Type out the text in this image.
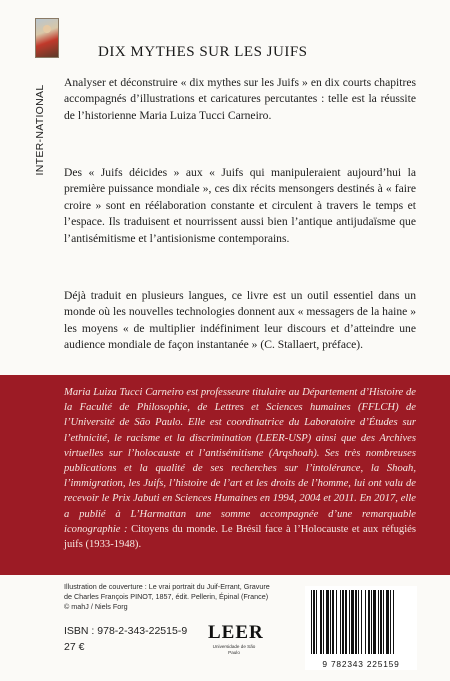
INTER-NATIONAL
DIX MYTHES SUR LES JUIFS
Analyser et déconstruire « dix mythes sur les Juifs » en dix courts chapitres accompagnés d’illustrations et caricatures percutantes : telle est la réussite de l’historienne Maria Luiza Tucci Carneiro.
Des « Juifs déicides » aux « Juifs qui manipuleraient aujourd’hui la première puissance mondiale », ces dix récits mensongers destinés à « faire croire » sont en réélaboration constante et circulent à travers le temps et l’espace. Ils traduisent et nourrissent aussi bien l’antique antijudaïsme que l’antisémitisme et l’antisionisme contemporains.
Déjà traduit en plusieurs langues, ce livre est un outil essentiel dans un monde où les nouvelles technologies donnent aux « messagers de la haine » les moyens « de multiplier indéfiniment leur discours et d’atteindre une audience mondiale de façon instantanée » (C. Stallaert, préface).
Maria Luiza Tucci Carneiro est professeure titulaire au Département d’Histoire de la Faculté de Philosophie, de Lettres et Sciences humaines (FFLCH) de l’Université de São Paulo. Elle est coordinatrice du Laboratoire d’Études sur l’ethnicité, le racisme et la discrimination (LEER-USP) ainsi que des Archives virtuelles sur l’holocauste et l’antisémitisme (Arqshoah). Ses très nombreuses publications et la qualité de ses recherches sur l’intolérance, la Shoah, l’immigration, les Juifs, l’histoire de l’art et les droits de l’homme, lui ont valu de recevoir le Prix Jabuti en Sciences Humaines en 1994, 2004 et 2011. En 2017, elle a publié à L’Harmattan une somme accompagnée d’une remarquable iconographie : Citoyens du monde. Le Brésil face à l’Holocauste et aux réfugiés juifs (1933-1948).
Illustration de couverture : Le vrai portrait du Juif-Errant, Gravure
de Charles François PINOT, 1857, édit. Pellerin, Épinal (France)
© mahJ / Niels Forg
ISBN : 978-2-343-22515-9
27 €
LEER
Universidade de São Paulo
9 782343 225159
